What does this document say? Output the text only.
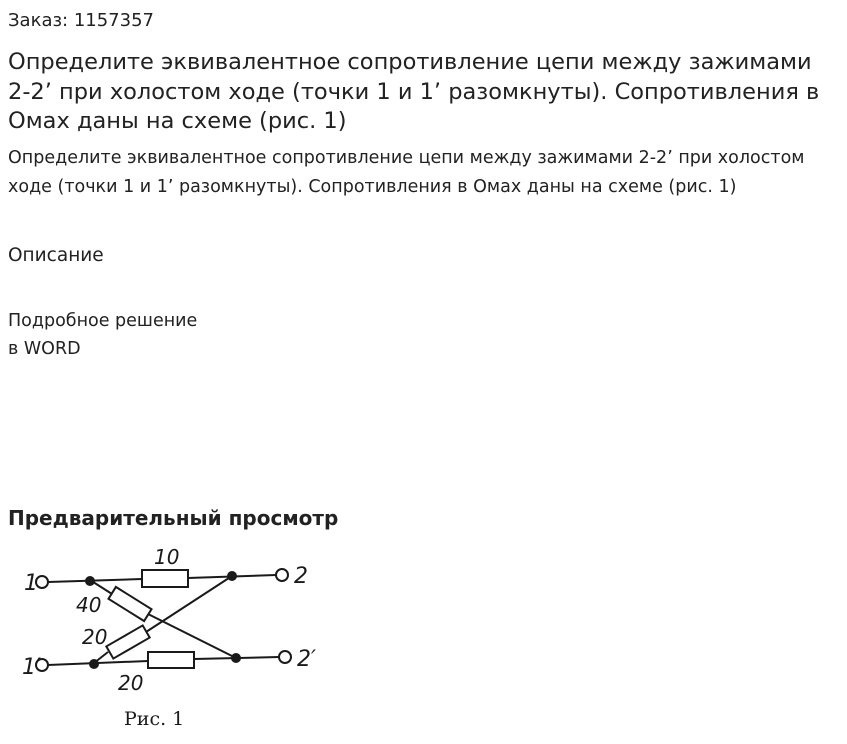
Заказ: 1157357
Определите эквивалентное сопротивление цепи между зажимами 2-2’ при холостом ходе (точки 1 и 1’ разомкнуты). Сопротивления в Омах даны на схеме (рис. 1)

Определите эквивалентное сопротивление цепи между зажимами 2-2’ при холостом ходе (точки 1 и 1’ разомкнуты). Сопротивления в Омах даны на схеме (рис. 1)

Описание
Подробное решение
в WORD
Предварительный просмотр
1
1′
2
2′
10
40
20
20
Рис. 1
